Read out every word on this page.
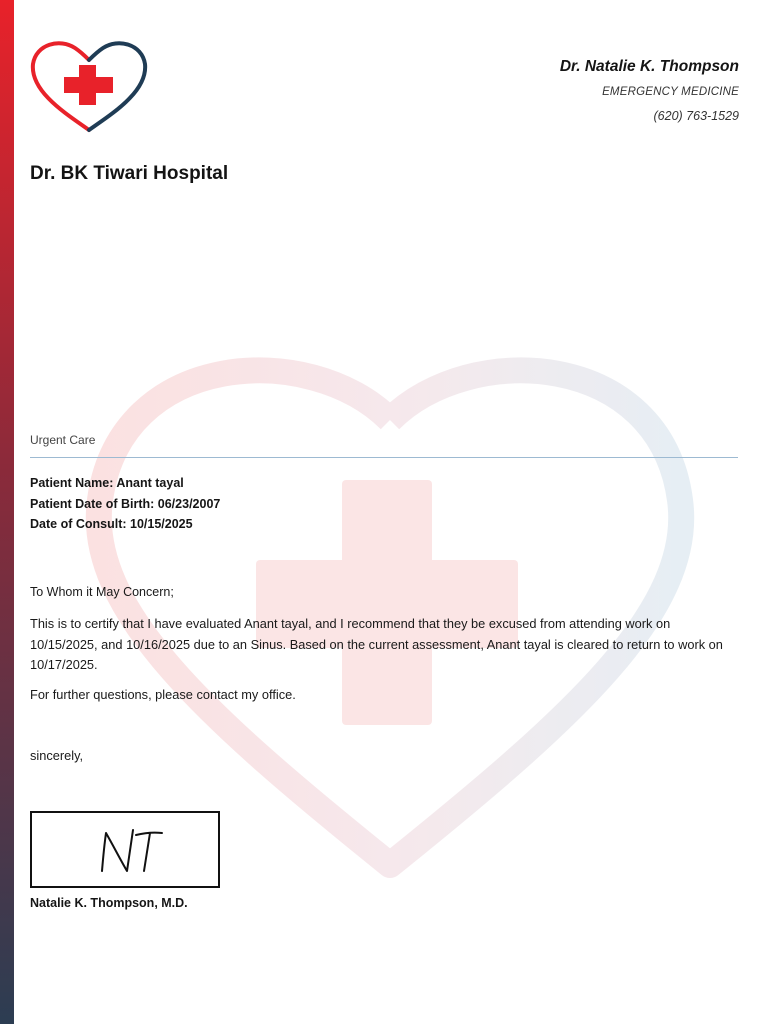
Dr. Natalie K. Thompson
EMERGENCY MEDICINE
(620) 763-1529
Dr. BK Tiwari Hospital
Urgent Care
Patient Name: Anant tayal
Patient Date of Birth: 06/23/2007
Date of Consult: 10/15/2025
To Whom it May Concern;

This is to certify that I have evaluated Anant tayal, and I recommend that they be excused from attending work on 10/15/2025, and 10/16/2025 due to an Sinus. Based on the current assessment, Anant tayal is cleared to return to work on 10/17/2025.

For further questions, please contact my office.
sincerely,
Natalie K. Thompson, M.D.
